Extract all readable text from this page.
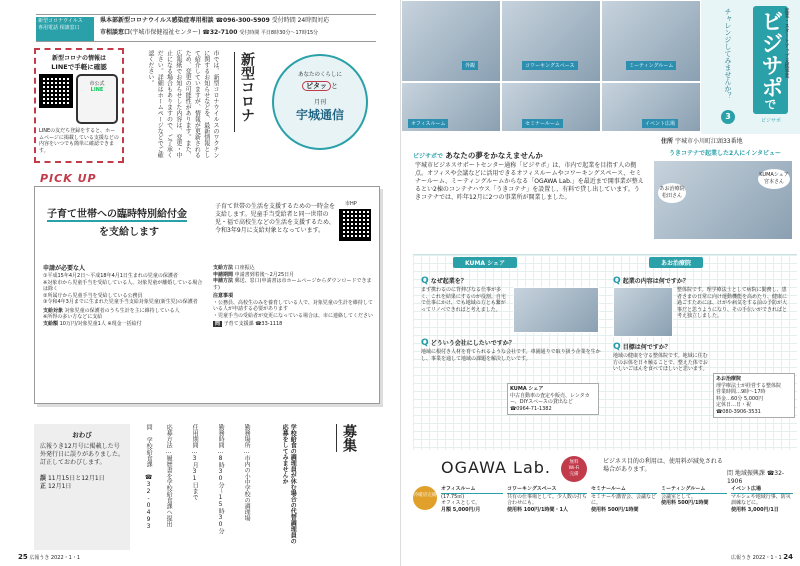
新型コロナウイルス
専用電話 相談窓口
県本部新型コロナウイルス感染症専用相談 ☎096-300-5909 受付時間 24時間対応
市相談窓口(宇城市保健福祉センター) ☎32-7100 受付時間 平日8時30分～17時15分
新型コロナの情報は
LINEで手軽に確認
市公式
LINE
LINEの友だち登録をすると、ホームページに掲載している支援などの内容をいつでも簡単に確認できます。	市では、新型コロナウイルスのワクチンに関するお知らせなどを、最新情報として紹介していますが、情報が更新されるため、変更の可能性があります。また、広報紙でお知らせした内容は、変更・中止になる場合もありますので、ご了承ください。詳細はホームページなどでご確認ください。	新型コロナ	あなたのくらしに
ピタッ と
月刊
宇城通信
PICK UP
子育て世帯への臨時特別給付金
を支給します
子育て世帯の生活を支援するための一時金を支給します。児童手当受給者と同一世帯の児・福で高校生などの生活を支援するため、令和3年9月に支給対象となっています。
市HP
申請が必要な人
①平成15年4月2日～平成18年4月1日生まれの児童の保護者
※対象市から児童手当を受給している人、対象児童が離婚している場合は除く
②所属庁から児童手当を受給している公務員
③令和4年3月までに生まれた児童手当支給対象児童(新生児)の保護者
支給対象 対象児童の保護者のうち生計を主に維持している人
※所得の多い方などに支給
支給額 10万円/対象児童1人 ※現金一括給付
支給方法 口座振込
申請期間 申請書到着後～2月25日月
申請方法 郵送、窓口(申請書は市ホームページからダウンロードできます)
注意事項
・公務員、高校生のみを養育している人で、対象児童の生計を維持している人が申請する必要があります
・児童手当の受給者が変更になっている場合は、市に連絡してください
問 子育て支援課 ☎33-1118
おわび
広報うき12月号に掲載した号外発行日に誤りがありました。訂正しておわびします。
誤 11月15日と12月1日
正 12月1日	問 学校給食課 ☎32-0493 応募方法…履歴書を学校給食課へ提出	任用期間…3月31日まで	勤務時間…8時30分～15時30分	勤務場所…市内の小中学校の調理場	学校給食の調理員が休む場合の代替調理員の応募をしてみませんか	募集
25 広報うき 2022・1・1
外観	コワーキングスペース	ミーティングルーム
オフィスルーム	セミナールーム	イベント広場
ビジサポで
起業・スタートアップ支援事業
チャレンジしてみませんか？
3	ビジサポ
住所 宇城市小川町江頭33番地
ビジサポで あなたの夢をかなえませんか
宇城市ビジネスサポートセンター通称「ビジサポ」は、市内で起業を目指す人の拠点。オフィスや会議などに活用できるオフィスルームやコワーキングスペース、セミナールーム、ミーティングルームからなる「OGAWA Lab.」を最近まで開事業が整えるとい2棟のコンテナハウス「うきコテナ」を設置し、有料で貸し出しています。うきコテナでは、昨年12月に2つの事業所が開業しました。
うきコテナで起業した2人にインタビュー
あお治療院 松田さん
KUMAシェア 宮本さん
KUMA シェア
Q なぜ起業を？
まず携わるのに背伸びなる仕事が多く、これを結果にするのが役割。自宅で仕事にかけ、でも地域の方とも繋がってリノベできればと考えました。
Q どういう会社にしたいですか？
地域に根付き人材を育てられるような会社です。車園通りで取り扱う企業を生かし、事業を通して地域の課題を解決したいです。
KUMA シェア
中古自動車の査定や販売、レンタカー、DIYスペースの貸出など
☎0964-71-1382
あお治療院
Q 起業の内容は何ですか？
整体院です。理学療法士として病院に勤務し、患者さまの日常に向け運動機能を高めたり、健康に過ごすためには、けがや病気をする前の予防が大事だと思うようになり、その手伝いができればと考え独立しました。
Q 目標は何ですか？
地域の健康を守る整体院です。地域に住む方のお体を日々触ることで、整えた体でおいしいごはんを食べてほしいと思います。
あお治療院
理学療法士が経営する整体院
営業時間…9時～17時
料金…60分 5,000円
定休日…日・祝
☎080-3906-3531
OGAWA Lab.	無料
Wi-Fi
完備
ビジネス目的の利用は、使用料が減免される場合があります。
問 地域振興課 ☎32-1906
冷暖房完備
オフィスルーム
(17.75㎡)
オフィスとして。
月額 5,000円/月
コワーキングスペース
共有の仕事場として。少人数の打ち合わせにも。
使用料 100円/1時間・1人
セミナールーム
セミナーや講習会、会議などに。
使用料 500円/1時間
ミーティングルーム
会議室として。
使用料 500円/1時間
イベント広場
マルシェや地域行事、防災訓練などに。
使用料 3,000円/1日
広報うき 2022・1・1 24
